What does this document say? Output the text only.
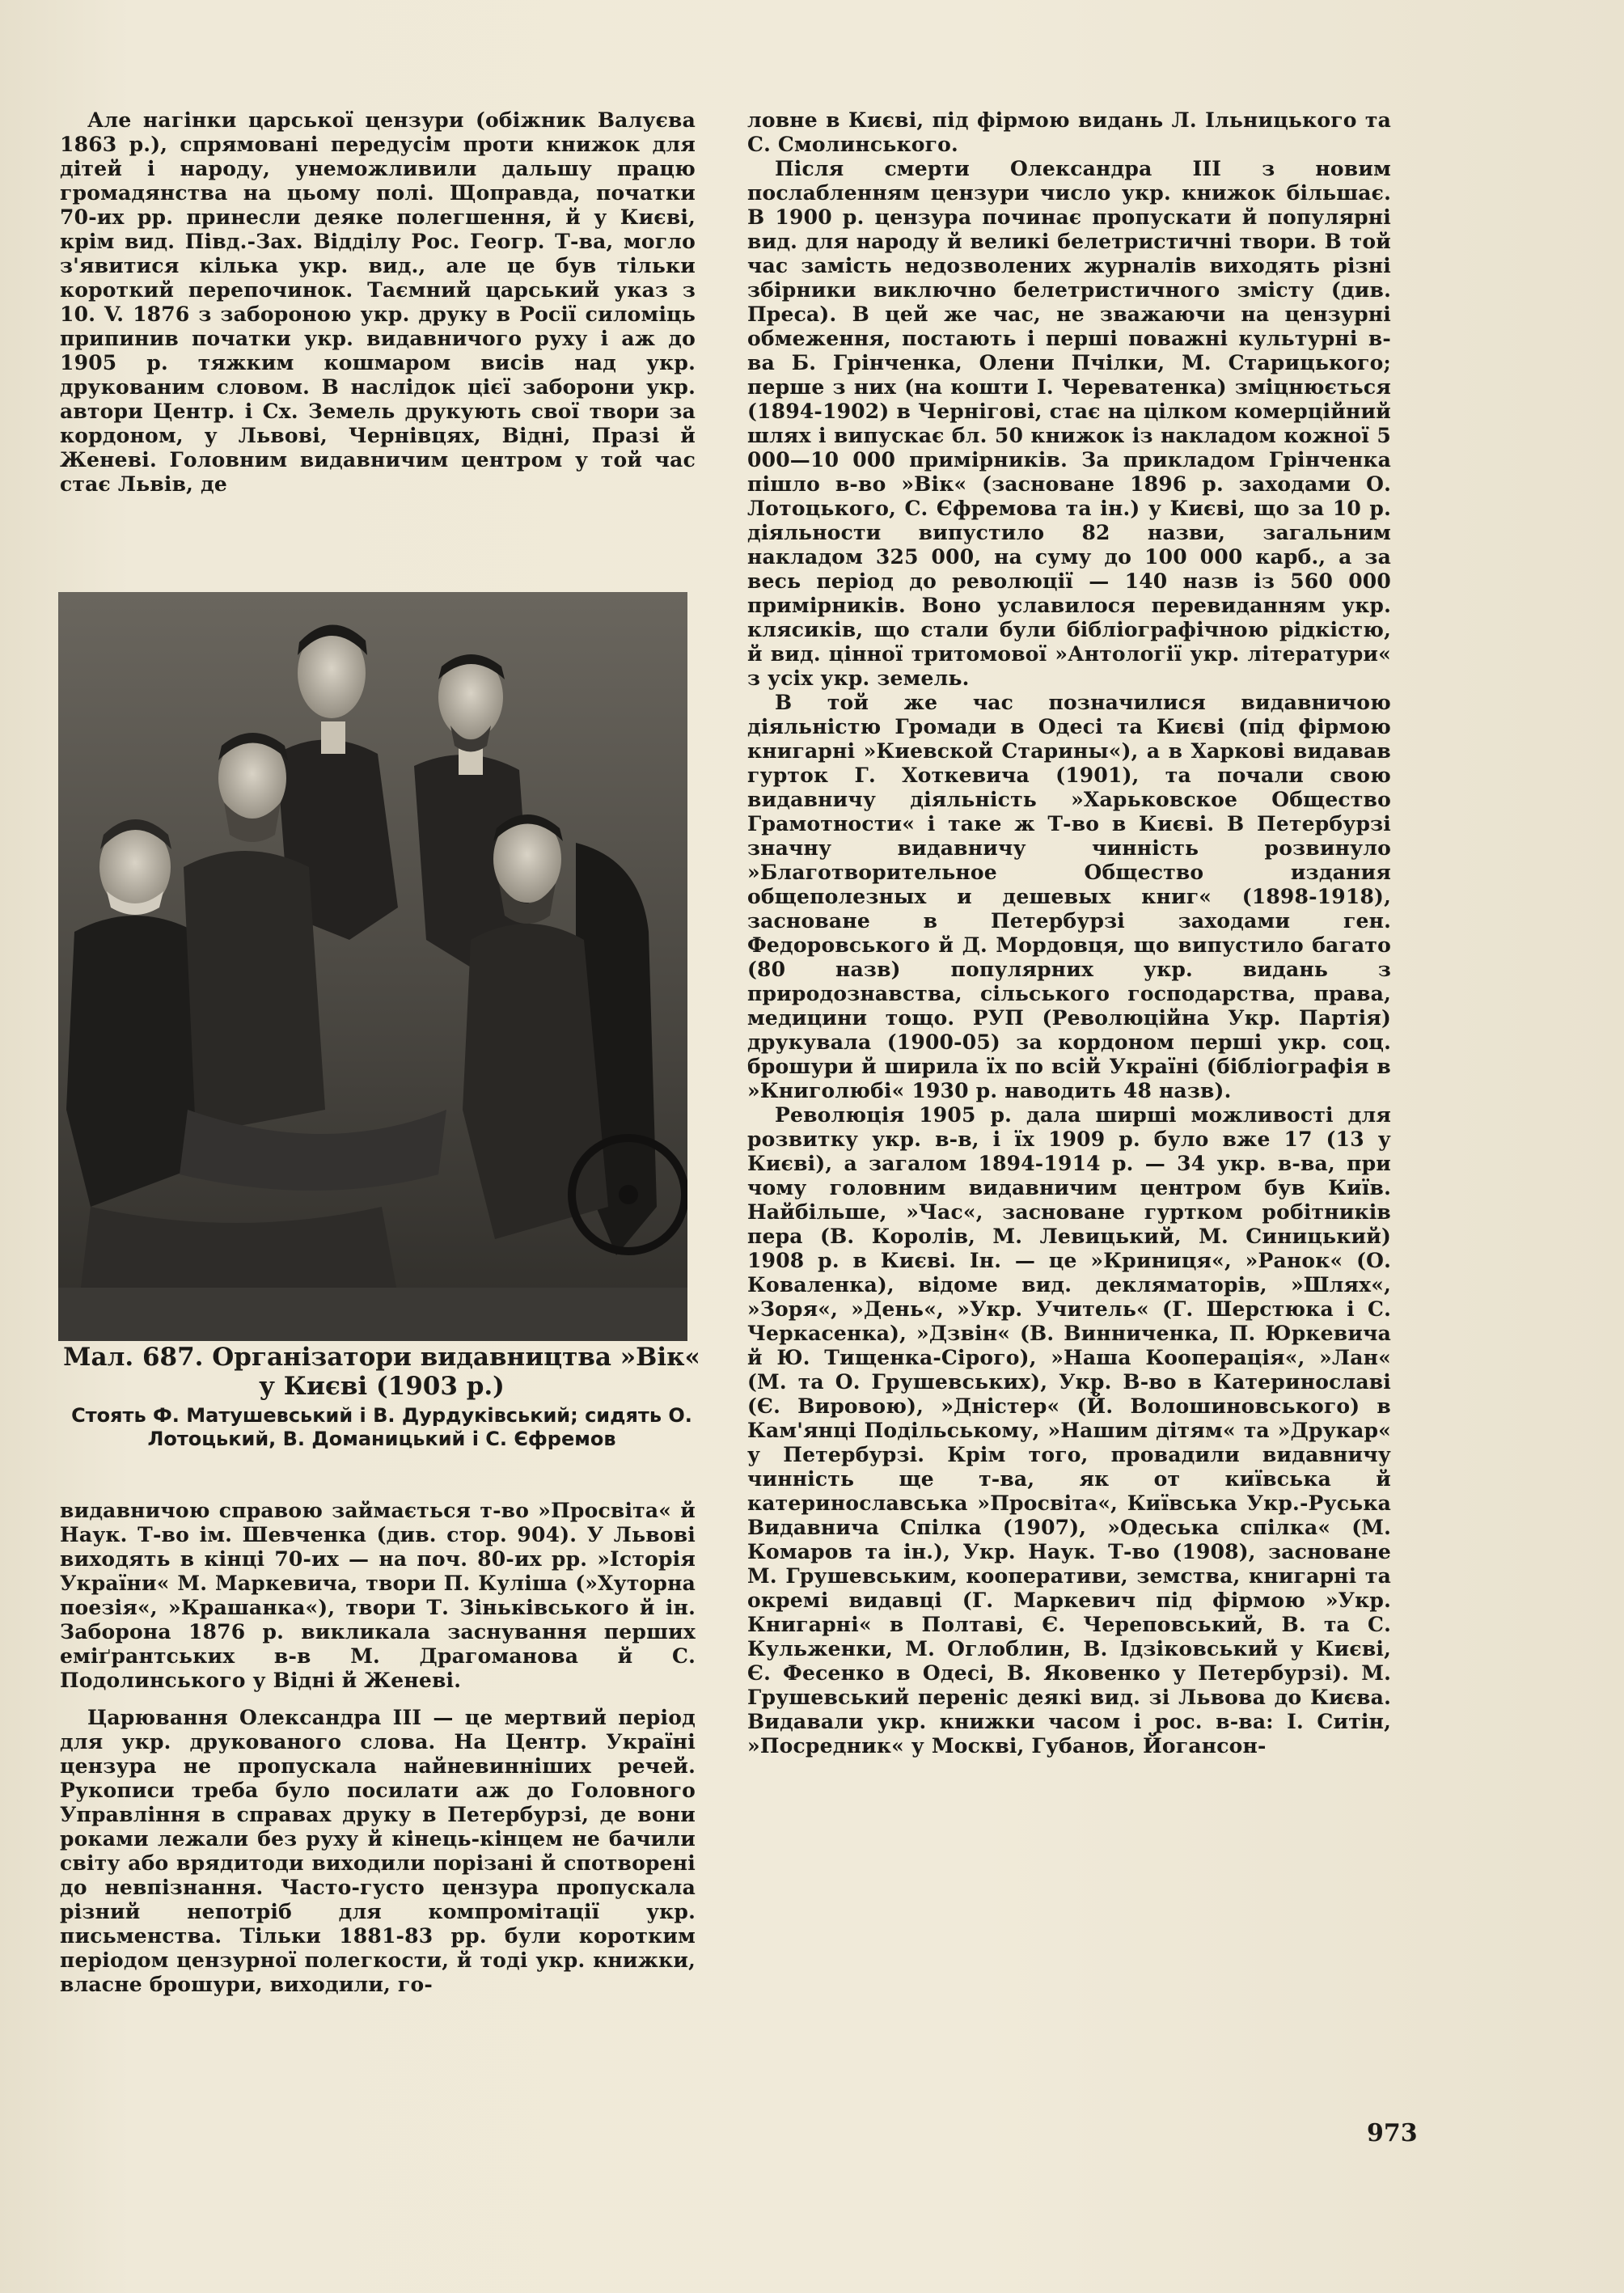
Але нагінки царської цензури (обіжник Валуєва 1863 р.), спрямовані передусім проти книжок для дітей і народу, унеможливили дальшу працю громадянства на цьому полі. Щоправда, початки 70-их рр. принесли деяке полегшення, й у Києві, крім вид. Півд.-Зах. Відділу Рос. Геогр. Т-ва, могло з'явитися кілька укр. вид., але це був тільки короткий перепочинок. Таємний царський указ з 10. V. 1876 з забороною укр. друку в Росії силоміць припинив початки укр. видавничого руху і аж до 1905 р. тяжким кошмаром висів над укр. друкованим словом. В наслідок цієї заборони укр. автори Центр. і Сх. Земель друкують свої твори за кордоном, у Львові, Чернівцях, Відні, Празі й Женеві. Головним видавничим центром у той час стає Львів, де

Мал. 687. Організатори видавництва »Вік« у Києві (1903 р.)
Стоять Ф. Матушевський і В. Дурдуківський; сидять О. Лотоцький, В. Доманицький і С. Єфремов

видавничою справою займається т-во »Просвіта« й Наук. Т-во ім. Шевченка (див. стор. 904). У Львові виходять в кінці 70-их — на поч. 80-их рр. »Історія України« М. Маркевича, твори П. Куліша (»Хуторна поезія«, »Крашанка«), твори Т. Зіньківського й ін. Заборона 1876 р. викликала заснування перших еміґрантських в-в М. Драгоманова й С. Подолинського у Відні й Женеві.

Царювання Олександра III — це мертвий період для укр. друкованого слова. На Центр. Україні цензура не пропускала найневинніших речей. Рукописи треба було посилати аж до Головного Управління в справах друку в Петербурзі, де вони роками лежали без руху й кінець-кінцем не бачили світу або врядитоди виходили порізані й спотворені до невпізнання. Часто-густо цензура пропускала різний непотріб для компромітації укр. письменства. Тільки 1881-83 рр. були коротким періодом цензурної полегкости, й тоді укр. книжки, власне брошури, виходили, го-

ловне в Києві, під фірмою видань Л. Ільницького та С. Смолинського.

Після смерти Олександра III з новим послабленням цензури число укр. книжок більшає. В 1900 р. цензура починає пропускати й популярні вид. для народу й великі белетристичні твори. В той час замість недозволених журналів виходять різні збірники виключно белетристичного змісту (див. Преса). В цей же час, не зважаючи на цензурні обмеження, постають і перші поважні культурні в-ва Б. Грінченка, Олени Пчілки, М. Старицького; перше з них (на кошти І. Череватенка) зміцнюється (1894-1902) в Чернігові, стає на цілком комерційний шлях і випускає бл. 50 книжок із накладом кожної 5 000—10 000 примірників. За прикладом Грінченка пішло в-во »Вік« (засноване 1896 р. заходами О. Лотоцького, С. Єфремова та ін.) у Києві, що за 10 р. діяльности випустило 82 назви, загальним накладом 325 000, на суму до 100 000 карб., а за весь період до революції — 140 назв із 560 000 примірників. Воно уславилося перевиданням укр. клясиків, що стали були бібліографічною рідкістю, й вид. цінної тритомової »Антології укр. літератури« з усіх укр. земель.

В той же час позначилися видавничою діяльністю Громади в Одесі та Києві (під фірмою книгарні »Киевской Старины«), а в Харкові видавав гурток Г. Хоткевича (1901), та почали свою видавничу діяльність »Харьковское Общество Грамотности« і таке ж Т-во в Києві. В Петербурзі значну видавничу чинність розвинуло »Благотворительное Общество издания общеполезных и дешевых книг« (1898-1918), засноване в Петербурзі заходами ген. Федоровського й Д. Мордовця, що випустило багато (80 назв) популярних укр. видань з природознавства, сільського господарства, права, медицини тощо. РУП (Революційна Укр. Партія) друкувала (1900-05) за кордоном перші укр. соц. брошури й ширила їх по всій Україні (бібліографія в »Книголюбі« 1930 р. наводить 48 назв).

Революція 1905 р. дала ширші можливості для розвитку укр. в-в, і їх 1909 р. було вже 17 (13 у Києві), а загалом 1894-1914 р. — 34 укр. в-ва, при чому головним видавничим центром був Київ. Найбільше, »Час«, засноване гуртком робітників пера (В. Королів, М. Левицький, М. Синицький) 1908 р. в Києві. Ін. — це »Криниця«, »Ранок« (О. Коваленка), відоме вид. декляматорів, »Шлях«, »Зоря«, »День«, »Укр. Учитель« (Г. Шерстюка і С. Черкасенка), »Дзвін« (В. Винниченка, П. Юркевича й Ю. Тищенка-Сірого), »Наша Кооперація«, »Лан« (М. та О. Грушевських), Укр. В-во в Катеринославі (Є. Вировою), »Дністер« (Й. Волошиновського) в Кам'янці Подільському, »Нашим дітям« та »Друкар« у Петербурзі. Крім того, провадили видавничу чинність ще т-ва, як от київська й катеринославська »Просвіта«, Київська Укр.-Руська Видавнича Спілка (1907), »Одеська спілка« (М. Комаров та ін.), Укр. Наук. Т-во (1908), засноване М. Грушевським, кооперативи, земства, книгарні та окремі видавці (Г. Маркевич під фірмою »Укр. Книгарні« в Полтаві, Є. Череповський, В. та С. Кульженки, М. Оглоблин, В. Ідзіковський у Києві, Є. Фесенко в Одесі, В. Яковенко у Петербурзі). М. Грушевський переніс деякі вид. зі Львова до Києва. Видавали укр. книжки часом і рос. в-ва: І. Ситін, »Посредник« у Москві, Губанов, Йогансон-

973
